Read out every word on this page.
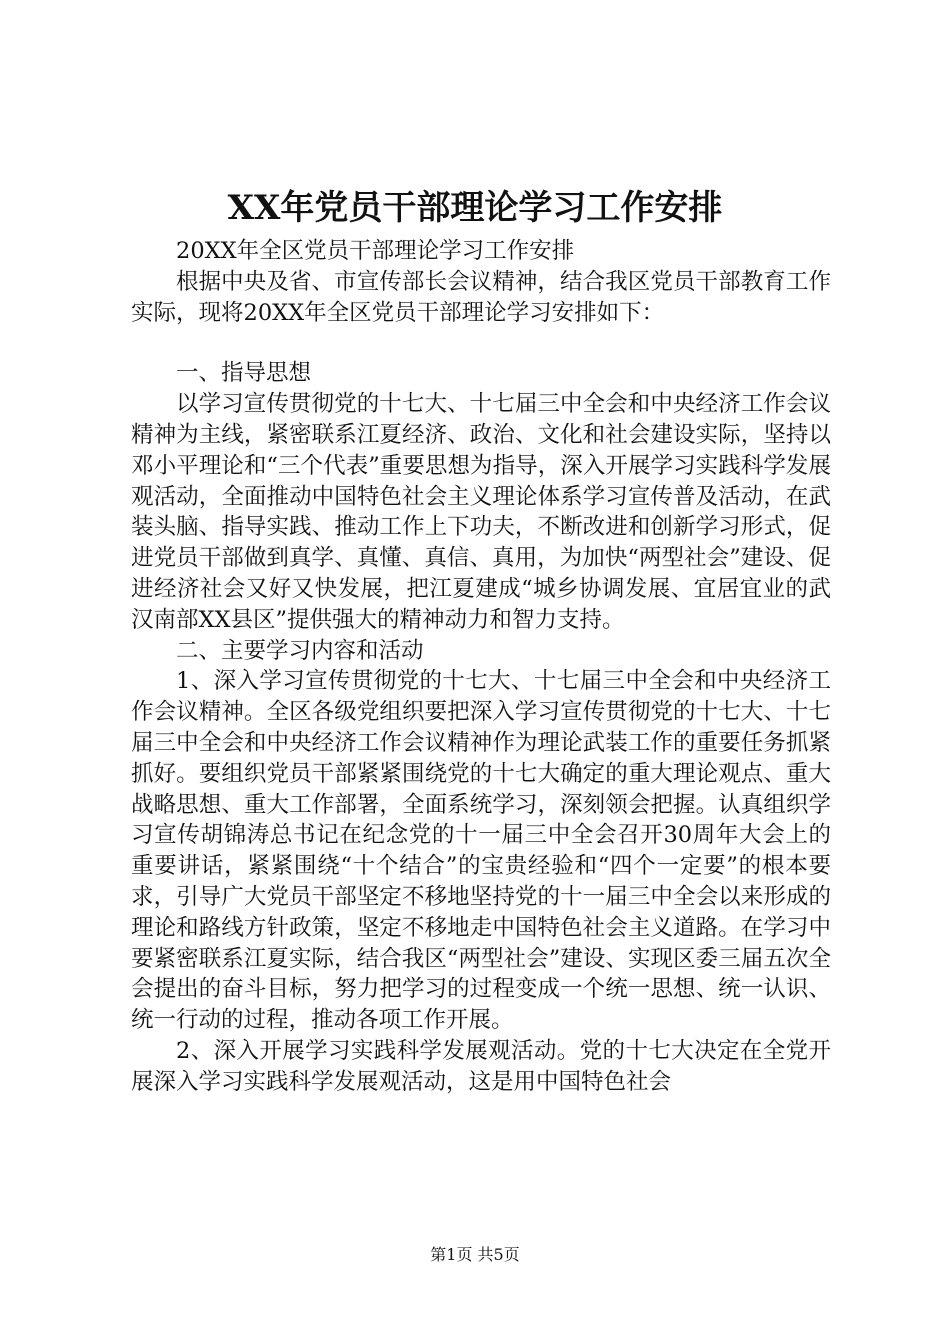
XX年党员干部理论学习工作安排

20XX年全区党员干部理论学习工作安排

根据中央及省、市宣传部长会议精神，结合我区党员干部教育工作实际，现将20XX年全区党员干部理论学习安排如下：

一、指导思想

以学习宣传贯彻党的十七大、十七届三中全会和中央经济工作会议精神为主线，紧密联系江夏经济、政治、文化和社会建设实际，坚持以邓小平理论和“三个代表”重要思想为指导，深入开展学习实践科学发展观活动，全面推动中国特色社会主义理论体系学习宣传普及活动，在武装头脑、指导实践、推动工作上下功夫，不断改进和创新学习形式，促进党员干部做到真学、真懂、真信、真用，为加快“两型社会”建设、促进经济社会又好又快发展，把江夏建成“城乡协调发展、宜居宜业的武汉南部XX县区”提供强大的精神动力和智力支持。

二、主要学习内容和活动

1、深入学习宣传贯彻党的十七大、十七届三中全会和中央经济工作会议精神。全区各级党组织要把深入学习宣传贯彻党的十七大、十七届三中全会和中央经济工作会议精神作为理论武装工作的重要任务抓紧抓好。要组织党员干部紧紧围绕党的十七大确定的重大理论观点、重大战略思想、重大工作部署，全面系统学习，深刻领会把握。认真组织学习宣传胡锦涛总书记在纪念党的十一届三中全会召开30周年大会上的重要讲话，紧紧围绕“十个结合”的宝贵经验和“四个一定要”的根本要求，引导广大党员干部坚定不移地坚持党的十一届三中全会以来形成的理论和路线方针政策，坚定不移地走中国特色社会主义道路。在学习中要紧密联系江夏实际，结合我区“两型社会”建设、实现区委三届五次全会提出的奋斗目标，努力把学习的过程变成一个统一思想、统一认识、统一行动的过程，推动各项工作开展。

2、深入开展学习实践科学发展观活动。党的十七大决定在全党开展深入学习实践科学发展观活动，这是用中国特色社会

第1页 共5页
